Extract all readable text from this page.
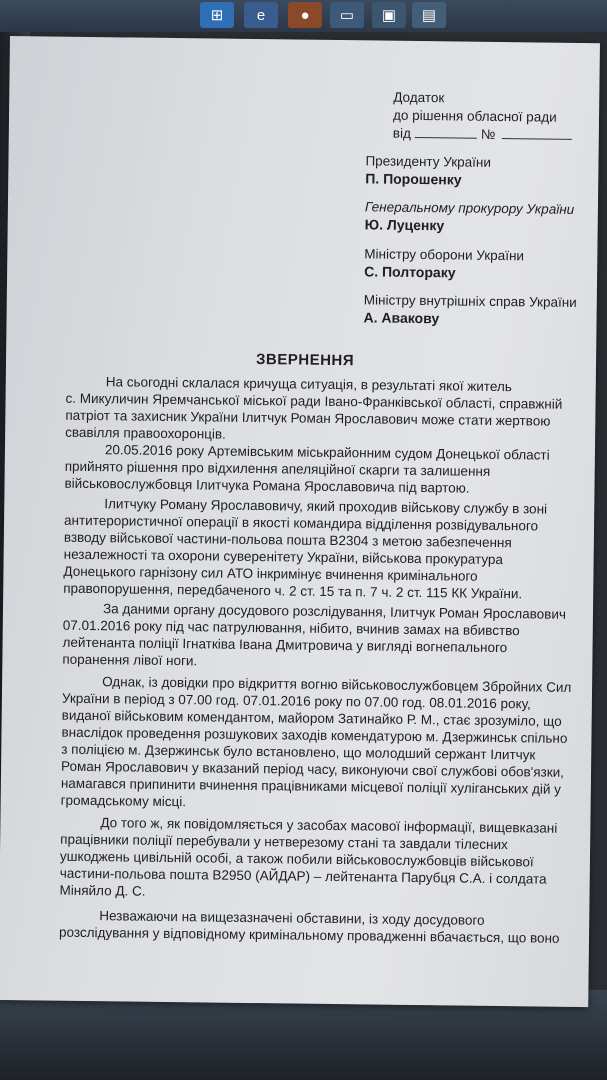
⊞	e	●	▭	▣	▤
Додаток
до рішення обласної ради
від	№
Президенту України
П. Порошенку
Генеральному прокурору України
Ю. Луценку
Міністру оборони України
С. Полтораку
Міністру внутрішніх справ України
А. Авакову
ЗВЕРНЕННЯ
На сьогодні склалася кричуща ситуація, в результаті якої житель
с. Микуличин Яремчанської міської ради Івано-Франківської області, справжній
патріот та захисник України Ілитчук Роман Ярославович може стати жертвою
свавілля правоохоронців.
20.05.2016 року Артемівським міськрайонним судом Донецької області
прийнято рішення про відхилення апеляційної скарги та залишення
військовослужбовця Ілитчука Романа Ярославовича під вартою.
Ілитчуку Роману Ярославовичу, який проходив військову службу в зоні
антитерористичної операції в якості командира відділення розвідувального
взводу військової частини-польова пошта В2304 з метою забезпечення
незалежності та охорони суверенітету України, військова прокуратура
Донецького гарнізону сил АТО інкримінує вчинення кримінального
правопорушення, передбаченого ч. 2 ст. 15 та п. 7 ч. 2 ст. 115 КК України.
За даними органу досудового розслідування, Ілитчук Роман Ярославович
07.01.2016 року під час патрулювання, нібито, вчинив замах на вбивство
лейтенанта поліції Ігнатківа Івана Дмитровича у вигляді вогнепального
поранення лівої ноги.
Однак, із довідки про відкриття вогню військовослужбовцем Збройних Сил
України в період з 07.00 год. 07.01.2016 року по 07.00 год. 08.01.2016 року,
виданої військовим комендантом, майором Затинайко Р. М., стає зрозуміло, що
внаслідок проведення розшукових заходів комендатурою м. Дзержинськ спільно
з поліцією м. Дзержинськ було встановлено, що молодший сержант Ілитчук
Роман Ярославович у вказаний період часу, виконуючи свої службові обов'язки,
намагався припинити вчинення працівниками місцевої поліції хуліганських дій у
громадському місці.
До того ж, як повідомляється у засобах масової інформації, вищевказані
працівники поліції перебували у нетверезому стані та завдали тілесних
ушкоджень цивільній особі, а також побили військовослужбовців військової
частини-польова пошта В2950 (АЙДАР) – лейтенанта Парубця С.А. і солдата
Міняйло Д. С.
Незважаючи на вищезазначені обставини, із ходу досудового
розслідування у відповідному кримінальному провадженні вбачається, що воно
